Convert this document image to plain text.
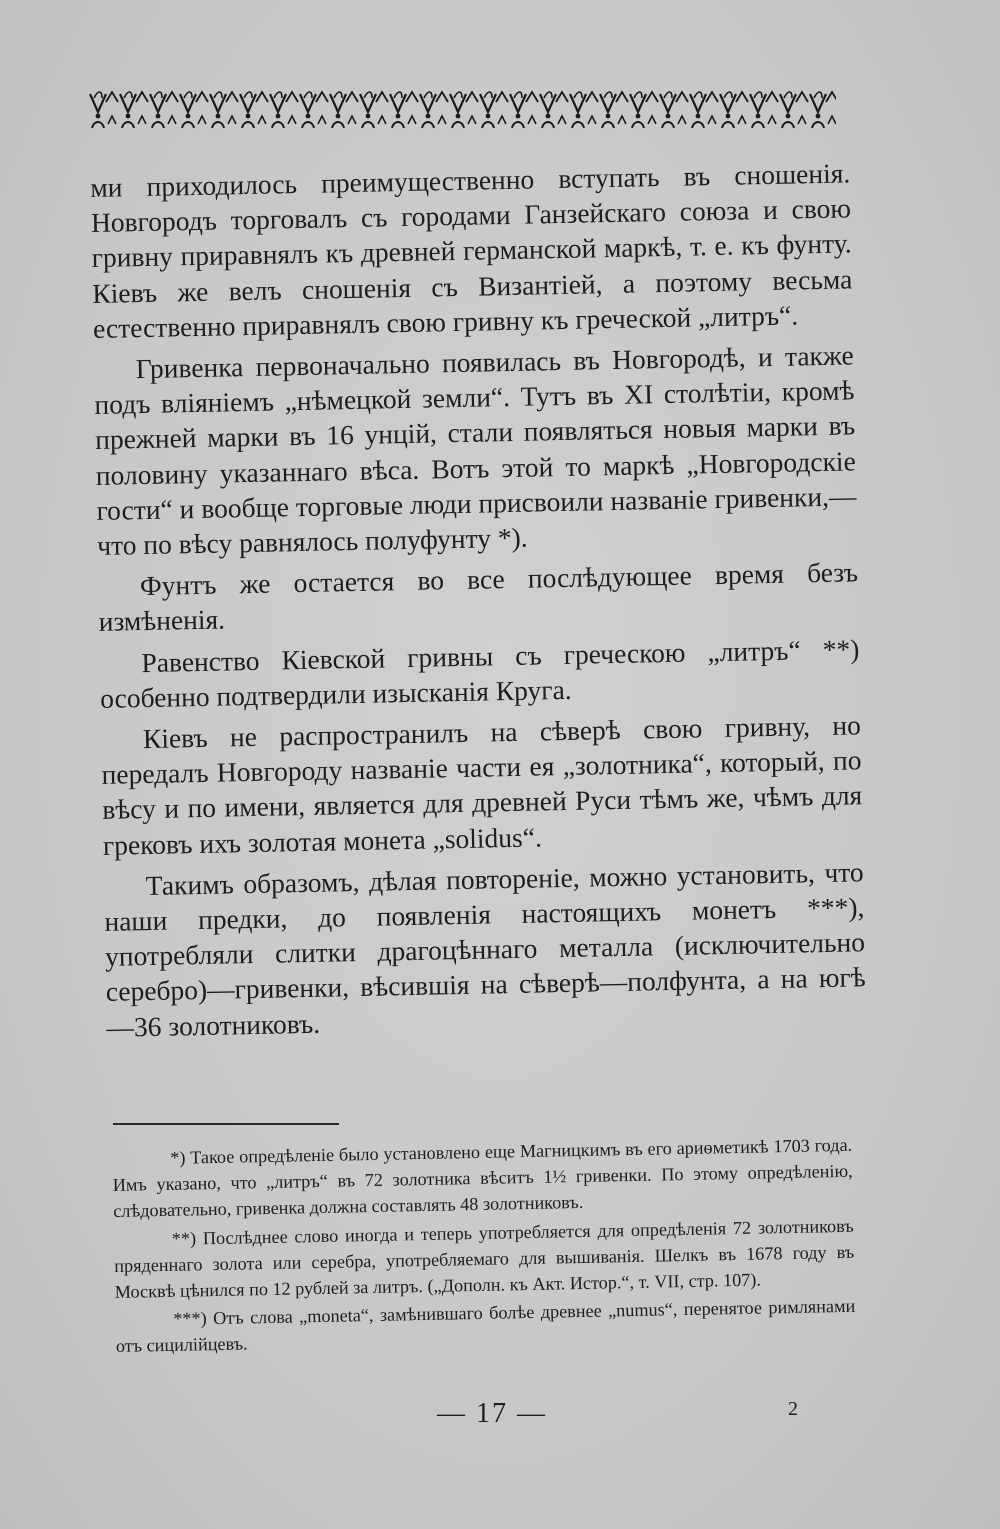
ми приходилось преимущественно вступать въ сношенія. Новгородъ торговалъ съ городами Ганзейскаго союза и свою гривну приравнялъ къ древней германской маркѣ, т. е. къ фунту. Кіевъ же велъ сношенія съ Византіей, а поэтому весьма естественно приравнялъ свою гривну къ греческой „литръ“.

Гривенка первоначально появилась въ Новгородѣ, и также подъ вліяніемъ „нѣмецкой земли“. Тутъ въ XI столѣтіи, кромѣ прежней марки въ 16 унцій, стали появляться новыя марки въ половину указаннаго вѣса. Вотъ этой то маркѣ „Новгородскіе гости“ и вообще торговые люди присвоили названіе гривенки,—что по вѣсу равнялось полуфунту *).

Фунтъ же остается во все послѣдующее время безъ измѣненія.

Равенство Кіевской гривны съ греческою „литръ“ **) особенно подтвердили изысканія Круга.

Кіевъ не распространилъ на сѣверѣ свою гривну, но передалъ Новгороду названіе части ея „золотника“, который, по вѣсу и по имени, является для древней Руси тѣмъ же, чѣмъ для грековъ ихъ золотая монета „solidus“.

Такимъ образомъ, дѣлая повтореніе, можно установить, что наши предки, до появленія настоящихъ монетъ ***), употребляли слитки драгоцѣннаго металла (исключительно серебро)—гривенки, вѣсившія на сѣверѣ—полфунта, а на югѣ—36 золотниковъ.

*) Такое опредѣленіе было установлено еще Магницкимъ въ его ариѳметикѣ 1703 года. Имъ указано, что „литръ“ въ 72 золотника вѣситъ 1½ гривенки. По этому опредѣленію, слѣдовательно, гривенка должна составлять 48 золотниковъ.

**) Послѣднее слово иногда и теперь употребляется для опредѣленія 72 золотниковъ пряденнаго золота или серебра, употребляемаго для вышиванія. Шелкъ въ 1678 году въ Москвѣ цѣнился по 12 рублей за литръ. („Дополн. къ Акт. Истор.“, т. VII, стр. 107).

***) Отъ слова „moneta“, замѣнившаго болѣе древнее „numus“, перенятое римлянами отъ сицилійцевъ.

— 17 —	2
